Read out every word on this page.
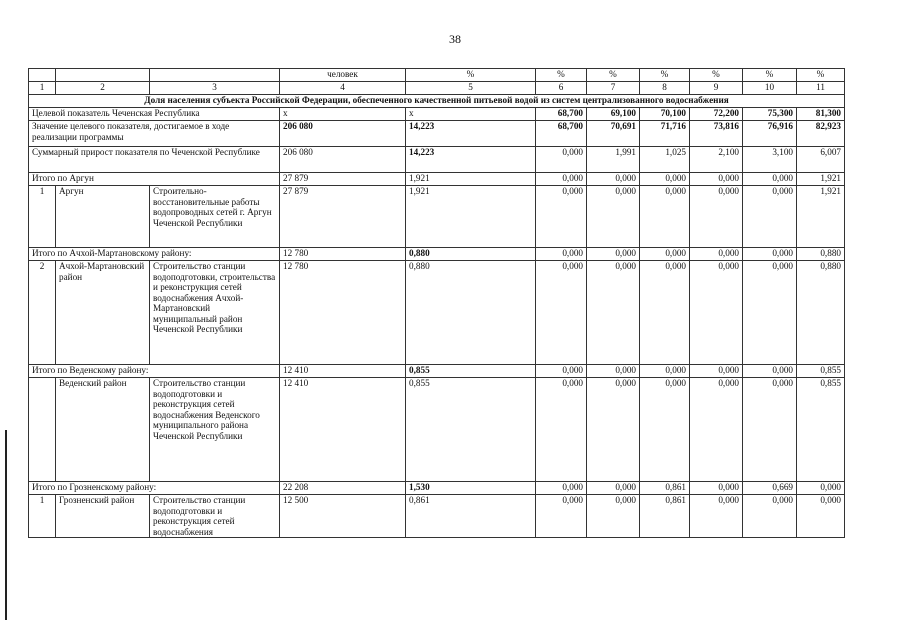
38
			человек	%	%	%	%	%	%	%
1	2	3	4	5	6	7	8	9	10	11
Доля населения субъекта Российской Федерации, обеспеченного качественной питьевой водой из систем централизованного водоснабжения										
Целевой показатель Чеченская Республика			x	x	68,700	69,100	70,100	72,200	75,300	81,300
Значение целевого показателя, достигаемое в ходе реализации программы			206 080	14,223	68,700	70,691	71,716	73,816	76,916	82,923
Суммарный прирост показателя по Чеченской Республике			206 080	14,223	0,000	1,991	1,025	2,100	3,100	6,007
Итого по Аргун			27 879	1,921	0,000	0,000	0,000	0,000	0,000	1,921
1	Аргун	Строительно-восстановительные работы водопроводных сетей г. Аргун Чеченской Республики	27 879	1,921	0,000	0,000	0,000	0,000	0,000	1,921
Итого по Ачхой-Мартановскому району:			12 780	0,880	0,000	0,000	0,000	0,000	0,000	0,880
2	Ачхой-Мартановский район	Строительство станции водоподготовки, строительства и реконструкция сетей водоснабжения Ачхой-Мартановский муниципальный район Чеченской Республики	12 780	0,880	0,000	0,000	0,000	0,000	0,000	0,880
Итого по Веденскому району:			12 410	0,855	0,000	0,000	0,000	0,000	0,000	0,855
	Веденский район	Строительство станции водоподготовки и реконструкция сетей водоснабжения Веденского муниципального района Чеченской Республики	12 410	0,855	0,000	0,000	0,000	0,000	0,000	0,855
Итого по Грозненскому району:			22 208	1,530	0,000	0,000	0,861	0,000	0,669	0,000
1	Грозненский район	Строительство станции водоподготовки и реконструкция сетей водоснабжения	12 500	0,861	0,000	0,000	0,861	0,000	0,000	0,000
